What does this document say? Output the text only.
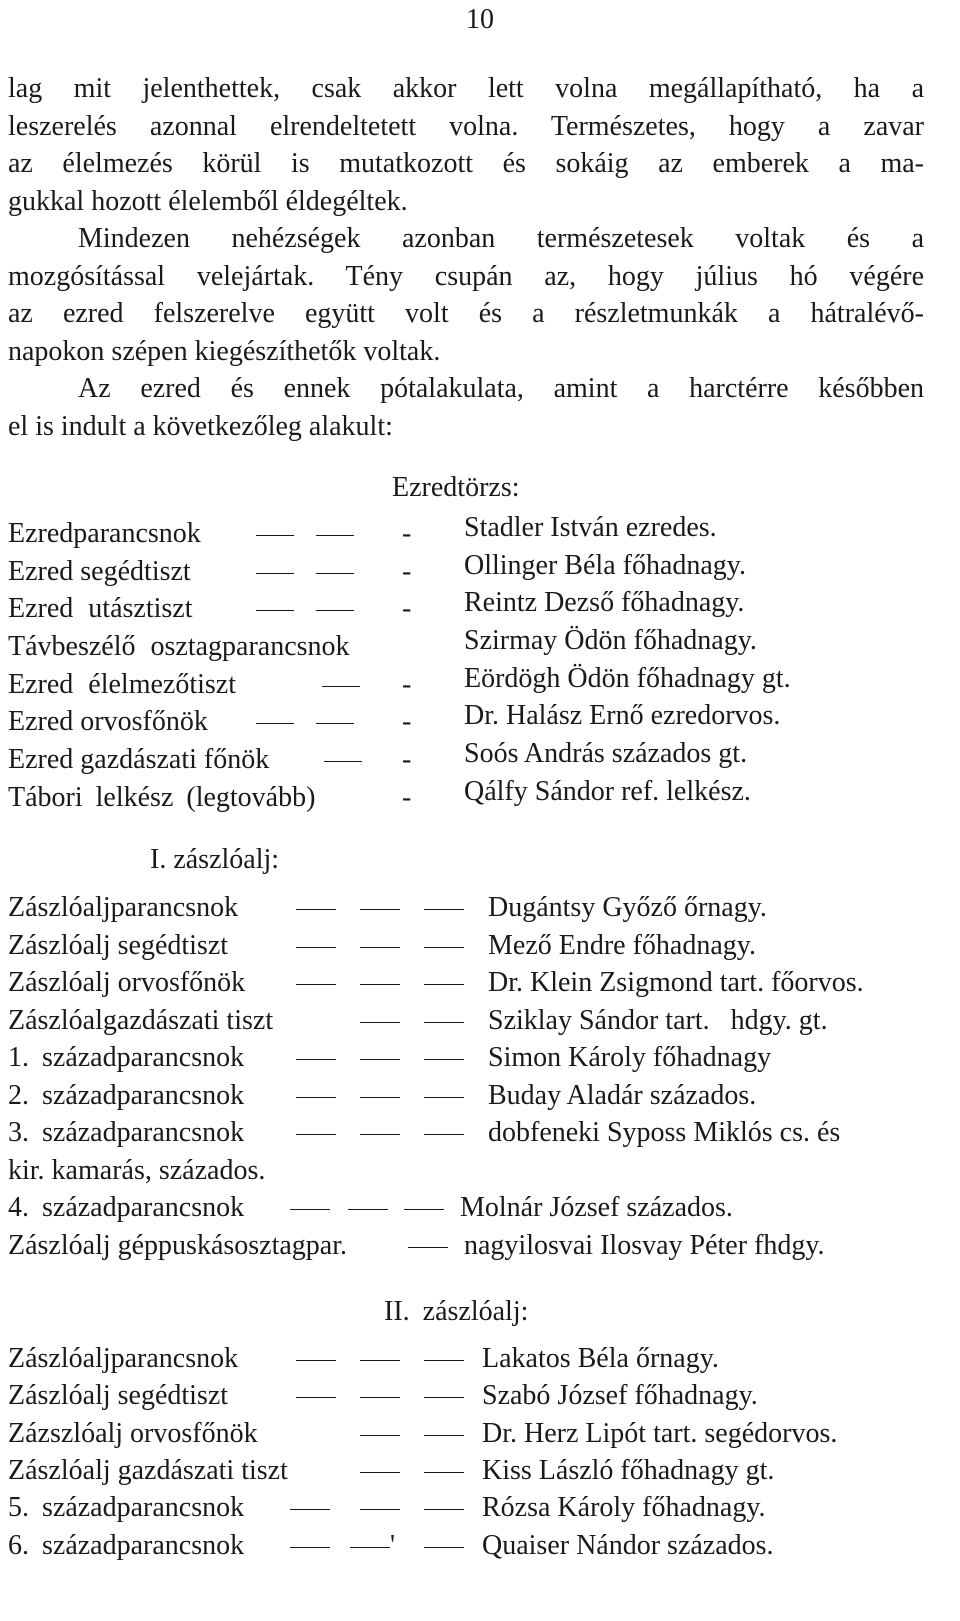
10
lag mit jelenthettek, csak akkor lett volna megállapítható, ha a
leszerelés azonnal elrendeltetett volna. Természetes, hogy a zavar
az élelmezés körül is mutatkozott és sokáig az emberek a ma-
gukkal hozott élelemből éldegéltek.
Mindezen nehézségek azonban természetesek voltak és a
mozgósítással velejártak. Tény csupán az, hogy július hó végére
az ezred felszerelve együtt volt és a részletmunkák a hátralévő-
napokon szépen kiegészíthetők voltak.
Az ezred és ennek pótalakulata, amint a harctérre későbben
el is indult a következőleg alakult:
Ezredtörzs:
Ezredparancsnok	- Stadler István ezredes.
Ezred segédtiszt	- Ollinger Béla főhadnagy.
Ezred utásztiszt	- Reintz Dezső főhadnagy.
Távbeszélő osztagparancsnok	Szirmay Ödön főhadnagy.
Ezred élelmezőtiszt	- Eördögh Ödön főhadnagy gt.
Ezred orvosfőnök	- Dr. Halász Ernő ezredorvos.
Ezred gazdászati főnök	- Soós András százados gt.
Tábori lelkész (legtovább)	- Qálfy Sándor ref. lelkész.
I. zászlóalj:
Zászlóaljparancsnok	Dugántsy Győző őrnagy.
Zászlóalj segédtiszt	Mező Endre főhadnagy.
Zászlóalj orvosfőnök	Dr. Klein Zsigmond tart. főorvos.
Zászlóalgazdászati tiszt	Sziklay Sándor tart.   hdgy. gt.
1. századparancsnok	Simon Károly főhadnagy
2. századparancsnok	Buday Aladár százados.
3. századparancsnok	dobfeneki Syposs Miklós cs. és
kir. kamarás, százados.
4. századparancsnok	Molnár József százados.
Zászlóalj géppuskásosztagpar.	nagyilosvai Ilosvay Péter fhdgy.
II. zászlóalj:
Zászlóaljparancsnok	Lakatos Béla őrnagy.
Zászlóalj segédtiszt	Szabó József főhadnagy.
Zázszlóalj orvosfőnök	Dr. Herz Lipót tart. segédorvos.
Zászlóalj gazdászati tiszt	Kiss László főhadnagy gt.
5. századparancsnok	Rózsa Károly főhadnagy.
6. századparancsnok	'	Quaiser Nándor százados.
